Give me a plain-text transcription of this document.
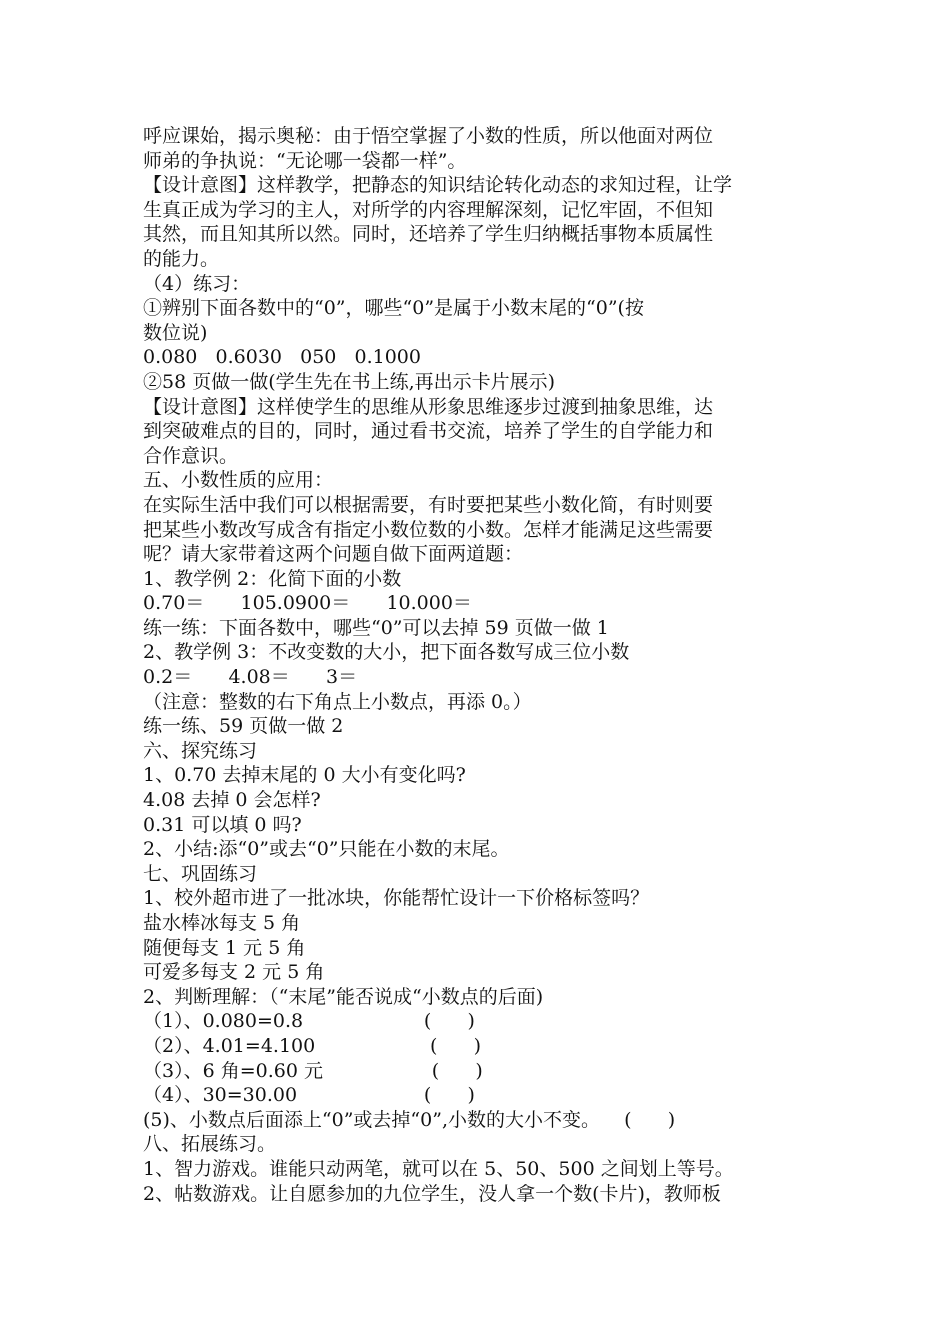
呼应课始，揭示奥秘：由于悟空掌握了小数的性质，所以他面对两位
师弟的争执说：“无论哪一袋都一样”。
【设计意图】这样教学，把静态的知识结论转化动态的求知过程，让学
生真正成为学习的主人，对所学的内容理解深刻，记忆牢固，不但知
其然，而且知其所以然。同时，还培养了学生归纳概括事物本质属性
的能力。
（4）练习：
①辨别下面各数中的“0”，哪些“0”是属于小数末尾的“0”(按
数位说)
0.080   0.6030   050   0.1000
②58 页做一做(学生先在书上练,再出示卡片展示)
【设计意图】这样使学生的思维从形象思维逐步过渡到抽象思维，达
到突破难点的目的，同时，通过看书交流，培养了学生的自学能力和
合作意识。
五、小数性质的应用：
在实际生活中我们可以根据需要，有时要把某些小数化简，有时则要
把某些小数改写成含有指定小数位数的小数。怎样才能满足这些需要
呢？请大家带着这两个问题自做下面两道题：
1、教学例 2：化简下面的小数
0.70＝      105.0900＝      10.000＝
练一练：下面各数中，哪些“0”可以去掉 59 页做一做 1
2、教学例 3：不改变数的大小，把下面各数写成三位小数
0.2＝      4.08＝      3＝
（注意：整数的右下角点上小数点，再添 0。）
练一练、59 页做一做 2
六、探究练习
1、0.70 去掉末尾的 0 大小有变化吗?
4.08 去掉 0 会怎样?
0.31 可以填 0 吗?
2、小结:添“0”或去“0”只能在小数的末尾。
七、巩固练习
1、校外超市进了一批冰块，你能帮忙设计一下价格标签吗？
盐水棒冰每支 5 角
随便每支 1 元 5 角
可爱多每支 2 元 5 角
2、判断理解：（“末尾”能否说成“小数点的后面)
（1）、0.080=0.8                    (      )
（2）、4.01=4.100                   (      )
（3）、6 角=0.60 元                  (      )
（4）、30=30.00                     (      )
(5)、小数点后面添上“0”或去掉“0”,小数的大小不变。    (      )
八、拓展练习。
1、智力游戏。谁能只动两笔，就可以在 5、50、500 之间划上等号。
2、帖数游戏。让自愿参加的九位学生，没人拿一个数(卡片)，教师板
